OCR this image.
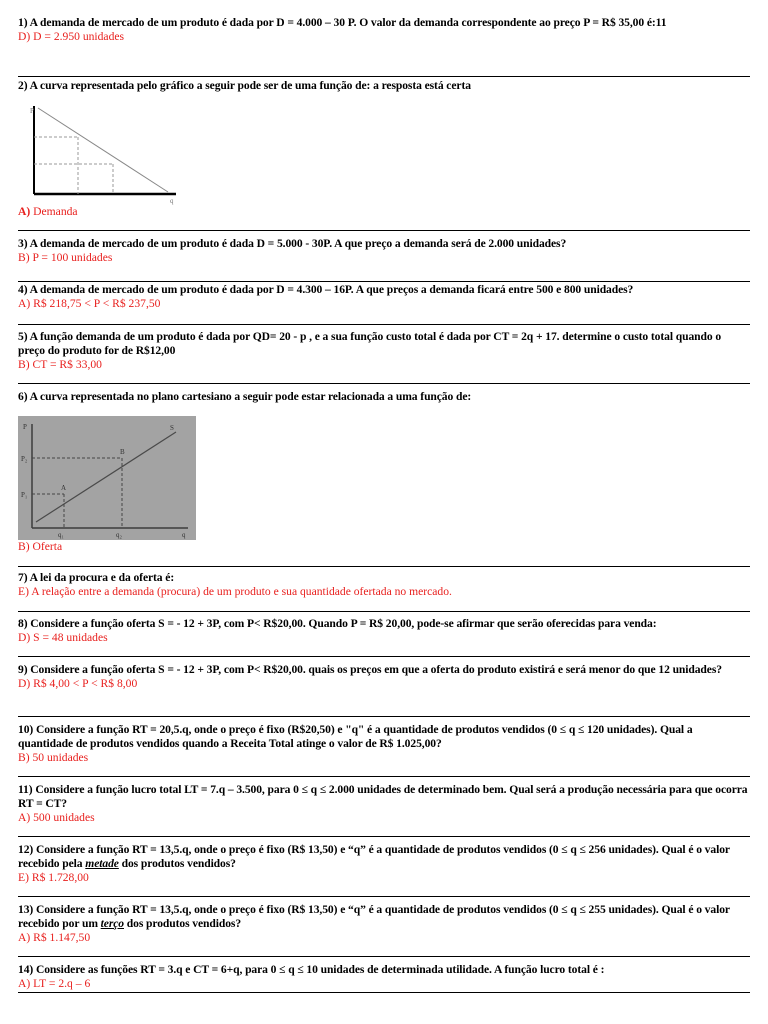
1) A demanda de mercado de um produto é dada por D = 4.000 – 30 P. O valor da demanda correspondente ao preço P = R$ 35,00 é:11
D) D = 2.950 unidades
2) A curva representada pelo gráfico a seguir pode ser de uma função de: a resposta está certa
P
q
A) Demanda
3) A demanda de mercado de um produto é dada D = 5.000 - 30P. A que preço a demanda será de 2.000 unidades?
B) P = 100 unidades
4) A demanda de mercado de um produto é dada por D = 4.300 – 16P. A que preços a demanda ficará entre 500 e 800 unidades?
A) R$ 218,75 < P < R$ 237,50
5) A função demanda de um produto é dada por QD= 20 - p , e a sua função custo total é dada por CT = 2q + 17. determine o custo total quando o preço do produto for de R$12,00
B) CT = R$ 33,00
6) A curva representada no plano cartesiano a seguir pode estar relacionada a uma função de:
P
P₂
P₁
A
B
q₁	q₂	q
S
B) Oferta
7) A lei da procura e da oferta é:
E) A relação entre a demanda (procura) de um produto e sua quantidade ofertada no mercado.
8) Considere a função oferta S = - 12 + 3P, com P< R$20,00. Quando P = R$ 20,00, pode-se afirmar que serão oferecidas para venda:
D) S = 48 unidades
9) Considere a função oferta S = - 12 + 3P, com P< R$20,00. quais os preços em que a oferta do produto existirá e será menor do que 12 unidades?
D) R$ 4,00 < P < R$ 8,00
10) Considere a função RT = 20,5.q, onde o preço é fixo (R$20,50) e "q" é a quantidade de produtos vendidos (0 ≤ q ≤ 120 unidades). Qual a quantidade de produtos vendidos quando a Receita Total atinge o valor de R$ 1.025,00?
B) 50 unidades
11) Considere a função lucro total LT = 7.q – 3.500, para 0 ≤ q ≤ 2.000 unidades de determinado bem. Qual será a produção necessária para que ocorra RT = CT?
A) 500 unidades
12) Considere a função RT = 13,5.q, onde o preço é fixo (R$ 13,50) e “q” é a quantidade de produtos vendidos (0 ≤ q ≤ 256 unidades). Qual é o valor recebido pela metade dos produtos vendidos?
E) R$ 1.728,00
13) Considere a função RT = 13,5.q, onde o preço é fixo (R$ 13,50) e “q” é a quantidade de produtos vendidos (0 ≤ q ≤ 255 unidades). Qual é o valor recebido por um terço dos produtos vendidos?
A) R$ 1.147,50
14) Considere as funções RT = 3.q e CT = 6+q, para 0 ≤ q ≤ 10 unidades de determinada utilidade. A função lucro total é :
A) LT = 2.q – 6
